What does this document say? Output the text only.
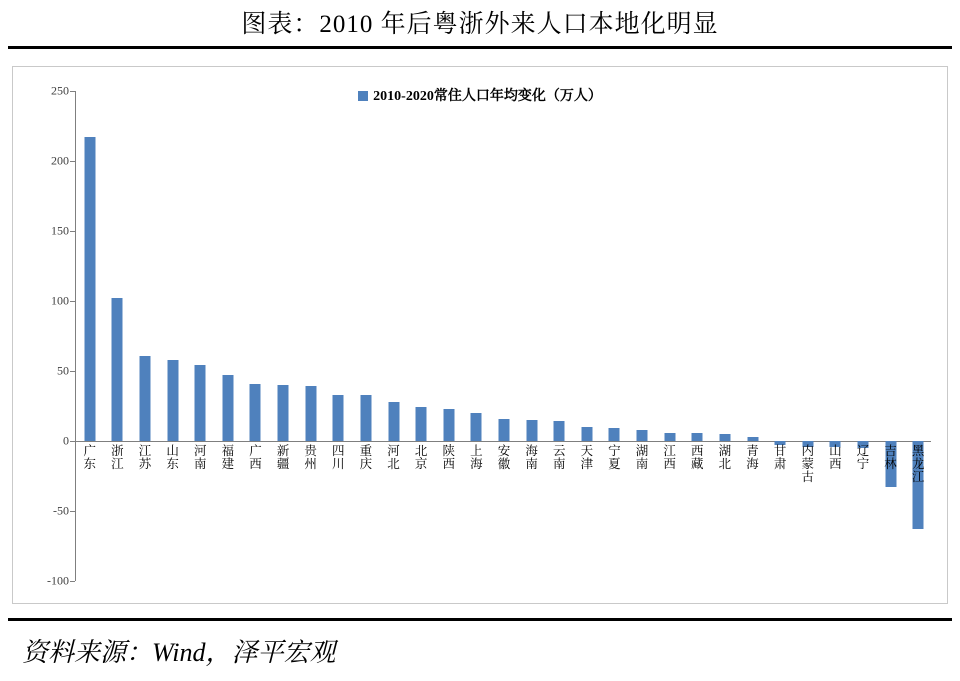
图表：2010 年后粤浙外来人口本地化明显
2010-2020常住人口年均变化（万人）
广东
浙江
江苏
山东
河南
福建
广西
新疆
贵州
四川
重庆
河北
北京
陕西
上海
安徽
海南
云南
天津
宁夏
湖南
江西
西藏
湖北
青海
甘肃
内蒙古
山西
辽宁
吉林
黑龙江
-100
-50
0
50
100
150
200
250
资料来源：Wind，泽平宏观
